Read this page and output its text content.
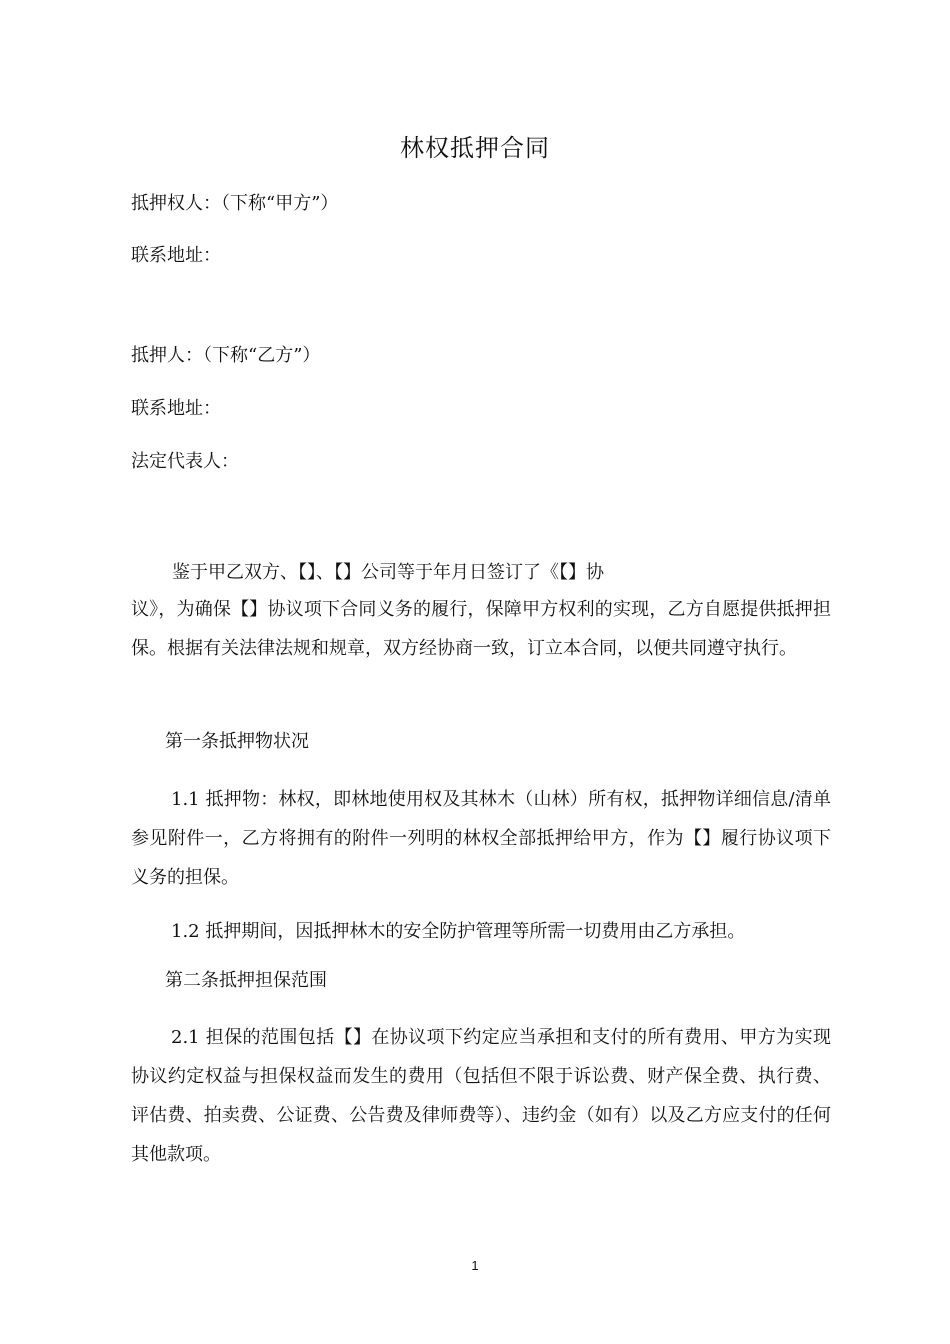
林权抵押合同
抵押权人：（下称“甲方”）
联系地址：
抵押人：（下称“乙方”）
联系地址：
法定代表人：
鉴于甲乙双方、【】、【】公司等于年月日签订了《【】协
议》，为确保【】协议项下合同义务的履行，保障甲方权利的实现，乙方自愿提供抵押担保。根据有关法律法规和规章，双方经协商一致，订立本合同，以便共同遵守执行。
第一条抵押物状况
1.1 抵押物：林权，即林地使用权及其林木（山林）所有权，抵押物详细信息/清单参见附件一，乙方将拥有的附件一列明的林权全部抵押给甲方，作为【】履行协议项下义务的担保。
1.2 抵押期间，因抵押林木的安全防护管理等所需一切费用由乙方承担。
第二条抵押担保范围
2.1 担保的范围包括【】在协议项下约定应当承担和支付的所有费用、甲方为实现协议约定权益与担保权益而发生的费用（包括但不限于诉讼费、财产保全费、执行费、评估费、拍卖费、公证费、公告费及律师费等）、违约金（如有）以及乙方应支付的任何其他款项。
1
